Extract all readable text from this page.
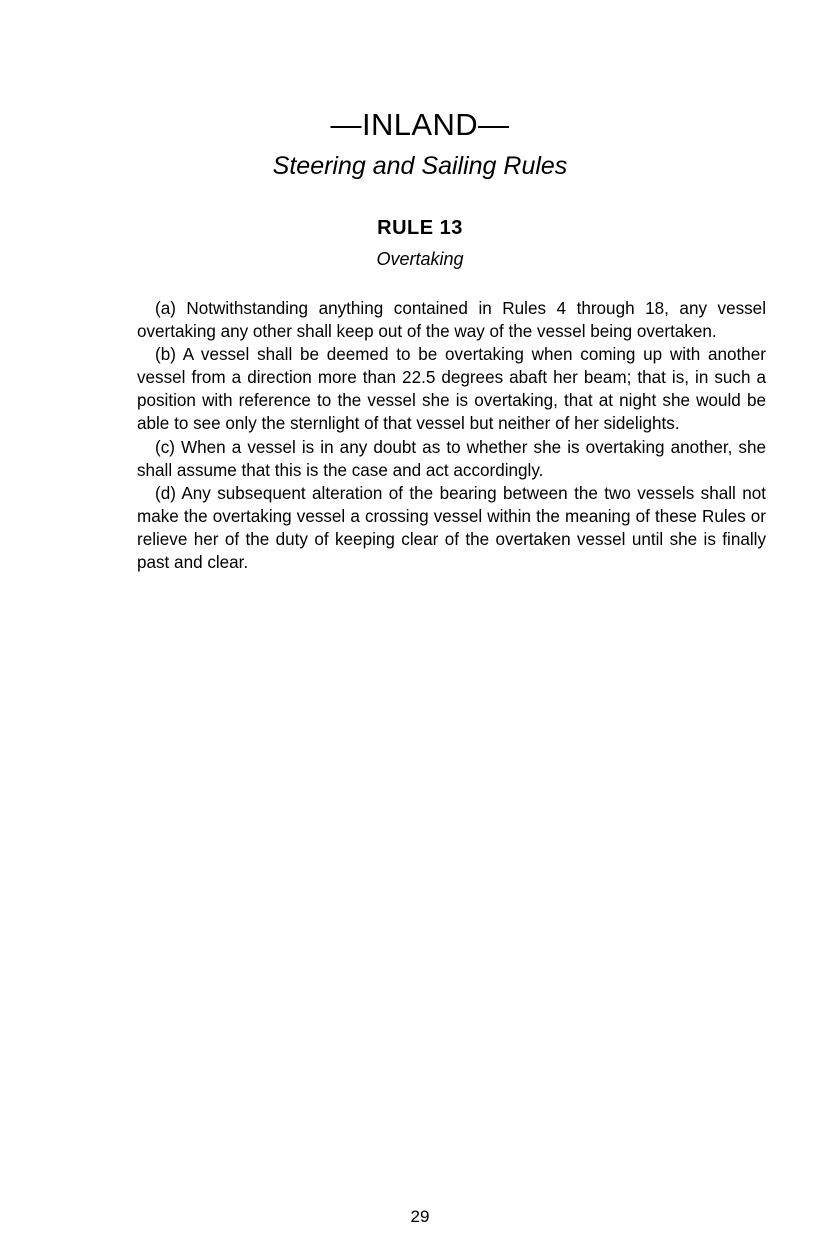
—INLAND—
Steering and Sailing Rules
RULE 13
Overtaking

(a) Notwithstanding anything contained in Rules 4 through 18, any vessel overtaking any other shall keep out of the way of the vessel being overtaken.

(b) A vessel shall be deemed to be overtaking when coming up with another vessel from a direction more than 22.5 degrees abaft her beam; that is, in such a position with reference to the vessel she is overtaking, that at night she would be able to see only the sternlight of that vessel but neither of her sidelights.

(c) When a vessel is in any doubt as to whether she is overtaking another, she shall assume that this is the case and act accordingly.

(d) Any subsequent alteration of the bearing between the two vessels shall not make the overtaking vessel a crossing vessel within the meaning of these Rules or relieve her of the duty of keeping clear of the overtaken vessel until she is finally past and clear.

29
